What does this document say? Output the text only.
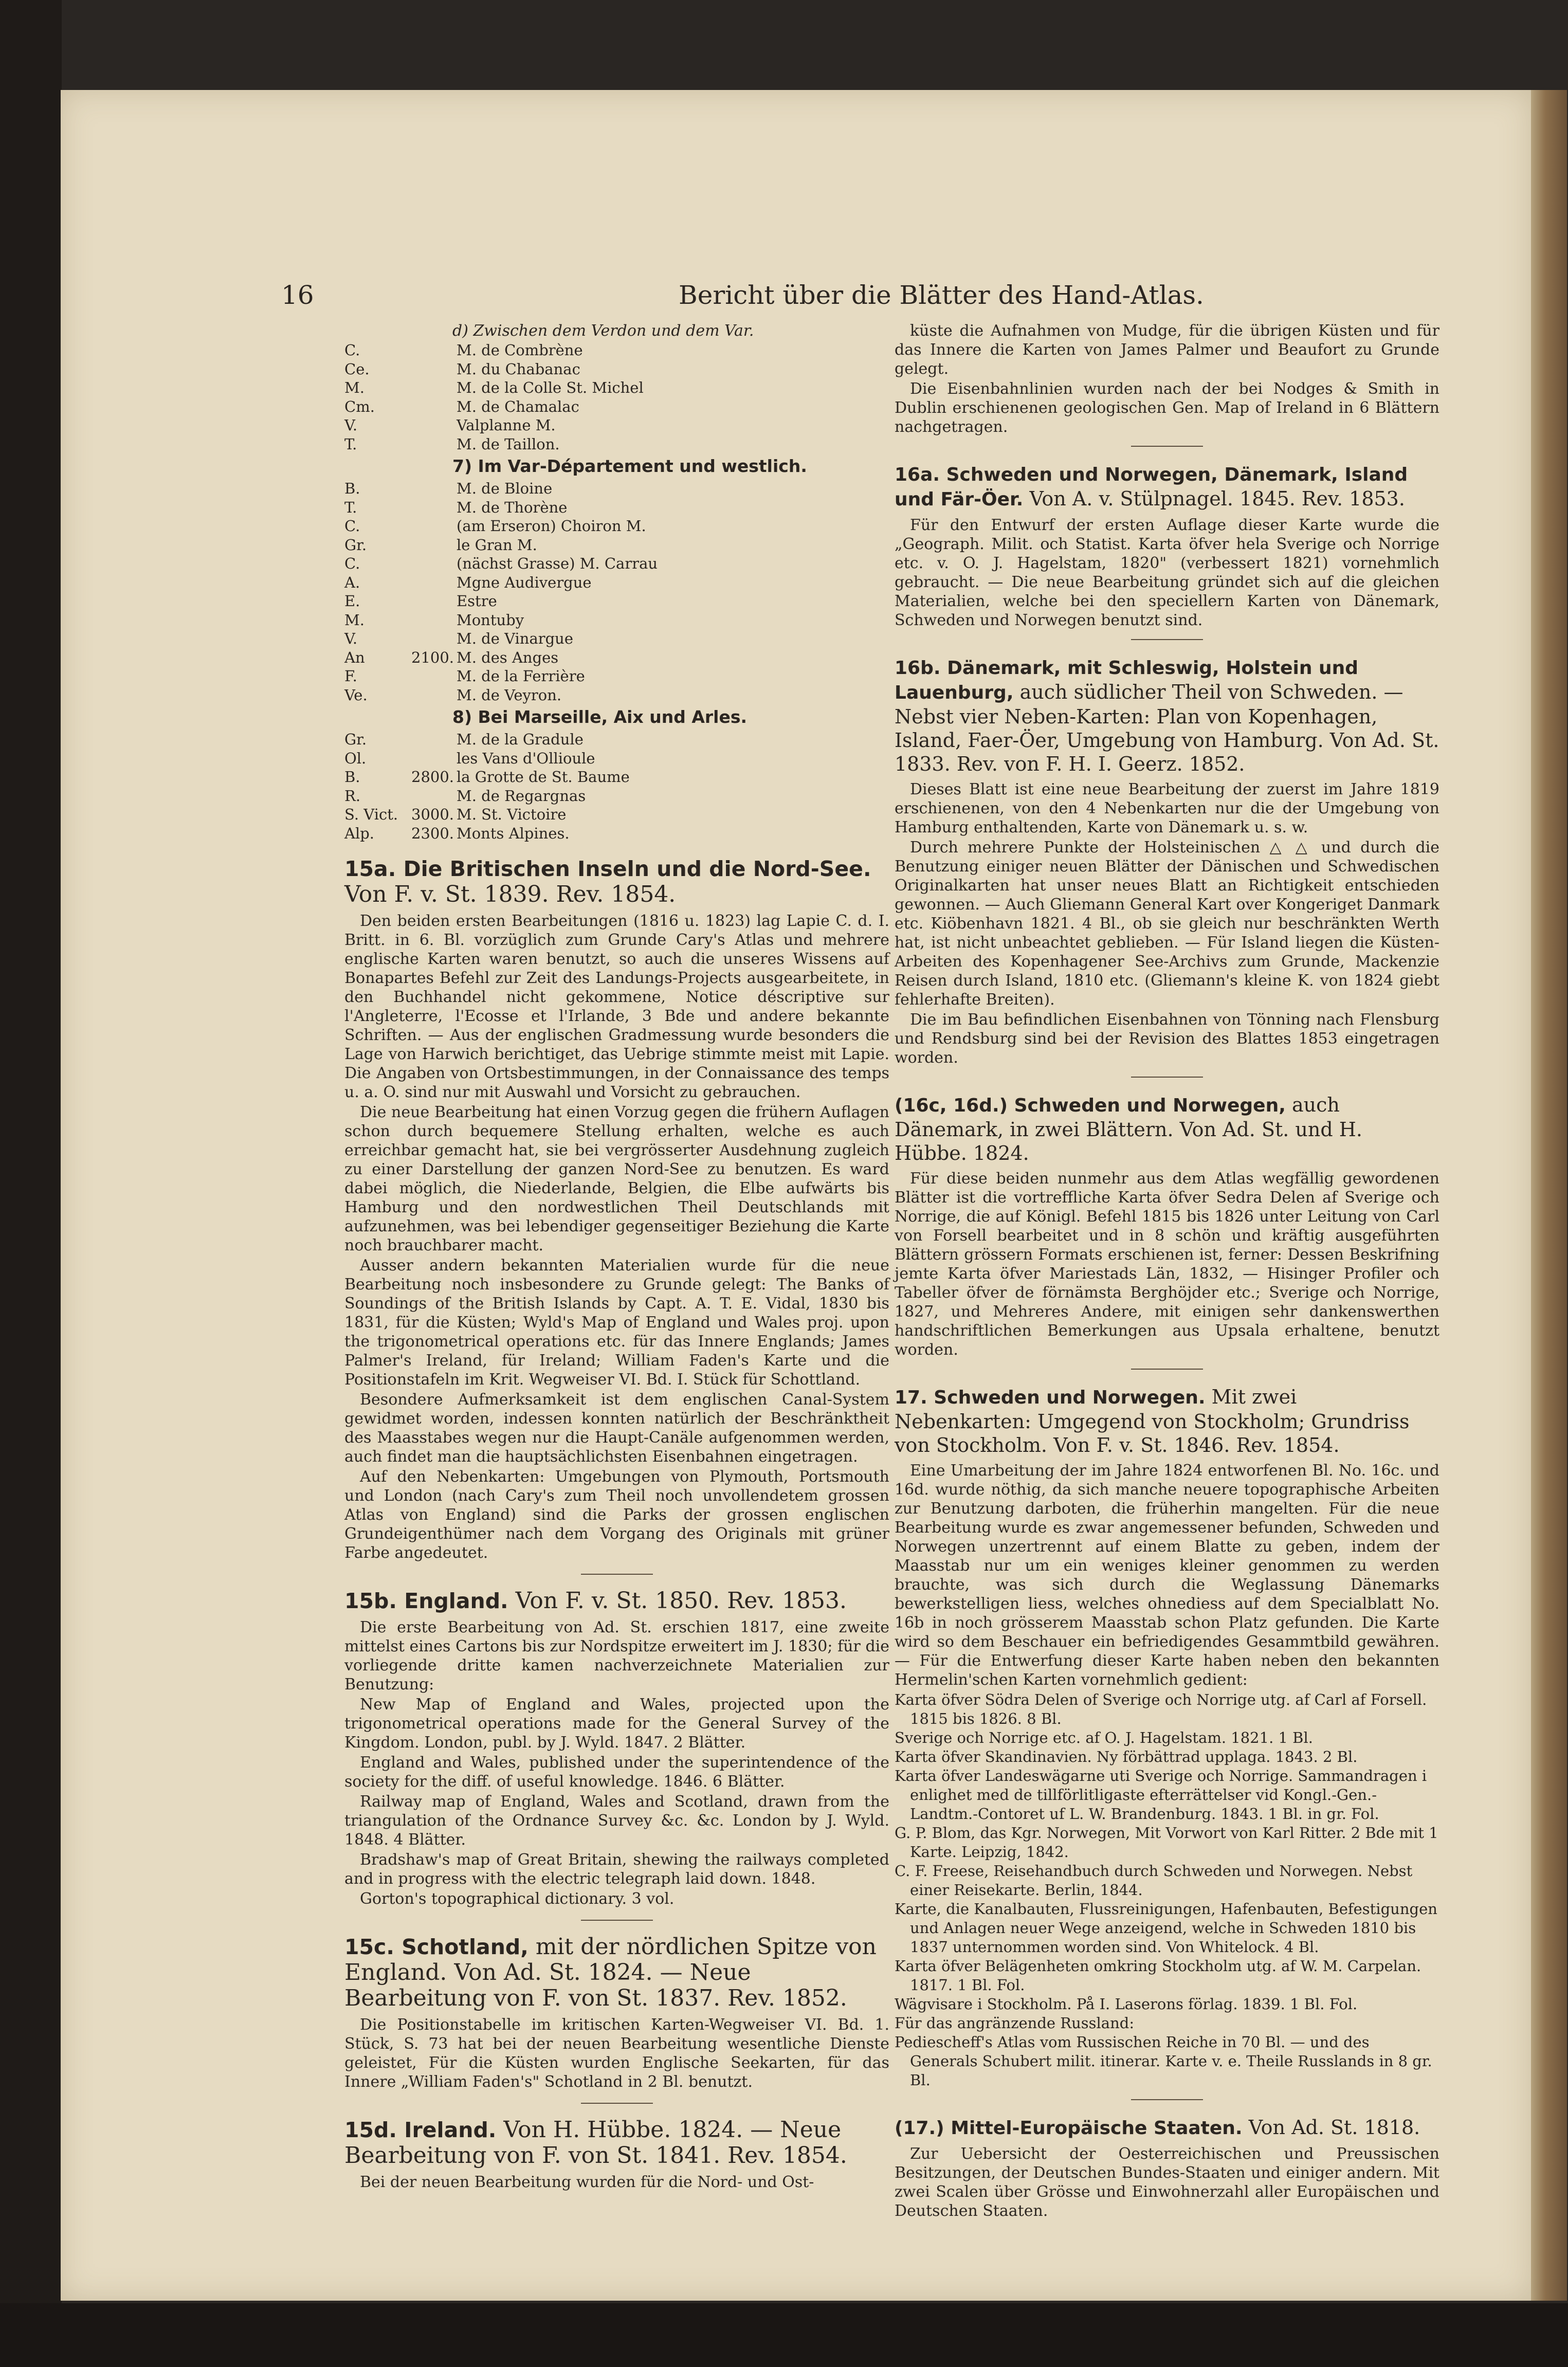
16	Bericht über die Blätter des Hand-Atlas.
d) Zwischen dem Verdon und dem Var.
C.	M. de Combrène
Ce.	M. du Chabanac
M.	M. de la Colle St. Michel
Cm.	M. de Chamalac
V.	Valplanne M.
T.	M. de Taillon.
7) Im Var-Département und westlich.
B.	M. de Bloine
T.	M. de Thorène
C.	(am Erseron) Choiron M.
Gr.	le Gran M.
C.	(nächst Grasse) M. Carrau
A.	Mgne Audivergue
E.	Estre
M.	Montuby
V.	M. de Vinargue
An	2100. M. des Anges
F.	M. de la Ferrière
Ve.	M. de Veyron.
8) Bei Marseille, Aix und Arles.
Gr.	M. de la Gradule
Ol.	les Vans d'Ollioule
B.	2800. la Grotte de St. Baume
R.	M. de Regargnas
S. Vict. 3000. M. St. Victoire
Alp.	2300. Monts Alpines.
15a. Die Britischen Inseln und die Nord-See. Von F. v. St. 1839. Rev. 1854.

Den beiden ersten Bearbeitungen (1816 u. 1823) lag Lapie C. d. I. Britt. in 6. Bl. vorzüglich zum Grunde Cary's Atlas und mehrere englische Karten waren benutzt, so auch die unseres Wissens auf Bonapartes Befehl zur Zeit des Landungs-Projects ausgearbeitete, in den Buchhandel nicht gekommene, Notice déscriptive sur l'Angleterre, l'Ecosse et l'Irlande, 3 Bde und andere bekannte Schriften. — Aus der englischen Gradmessung wurde besonders die Lage von Harwich berichtiget, das Uebrige stimmte meist mit Lapie. Die Angaben von Ortsbestimmungen, in der Connaissance des temps u. a. O. sind nur mit Auswahl und Vorsicht zu gebrauchen.

Die neue Bearbeitung hat einen Vorzug gegen die frühern Auflagen schon durch bequemere Stellung erhalten, welche es auch erreichbar gemacht hat, sie bei vergrösserter Ausdehnung zugleich zu einer Darstellung der ganzen Nord-See zu benutzen. Es ward dabei möglich, die Niederlande, Belgien, die Elbe aufwärts bis Hamburg und den nordwestlichen Theil Deutschlands mit aufzunehmen, was bei lebendiger gegenseitiger Beziehung die Karte noch brauchbarer macht.

Ausser andern bekannten Materialien wurde für die neue Bearbeitung noch insbesondere zu Grunde gelegt: The Banks of Soundings of the British Islands by Capt. A. T. E. Vidal, 1830 bis 1831, für die Küsten; Wyld's Map of England und Wales proj. upon the trigonometrical operations etc. für das Innere Englands; James Palmer's Ireland, für Ireland; William Faden's Karte und die Positionstafeln im Krit. Wegweiser VI. Bd. I. Stück für Schottland.

Besondere Aufmerksamkeit ist dem englischen Canal-System gewidmet worden, indessen konnten natürlich der Beschränktheit des Maasstabes wegen nur die Haupt-Canäle aufgenommen werden, auch findet man die hauptsächlichsten Eisenbahnen eingetragen.

Auf den Nebenkarten: Umgebungen von Plymouth, Portsmouth und London (nach Cary's zum Theil noch unvollendetem grossen Atlas von England) sind die Parks der grossen englischen Grundeigenthümer nach dem Vorgang des Originals mit grüner Farbe angedeutet.

15b. England. Von F. v. St. 1850. Rev. 1853.

Die erste Bearbeitung von Ad. St. erschien 1817, eine zweite mittelst eines Cartons bis zur Nordspitze erweitert im J. 1830; für die vorliegende dritte kamen nachverzeichnete Materialien zur Benutzung:

New Map of England and Wales, projected upon the trigonometrical operations made for the General Survey of the Kingdom. London, publ. by J. Wyld. 1847. 2 Blätter.

England and Wales, published under the superintendence of the society for the diff. of useful knowledge. 1846. 6 Blätter.

Railway map of England, Wales and Scotland, drawn from the triangulation of the Ordnance Survey &c. &c. London by J. Wyld. 1848. 4 Blätter.

Bradshaw's map of Great Britain, shewing the railways completed and in progress with the electric telegraph laid down. 1848.

Gorton's topographical dictionary. 3 vol.

15c. Schotland, mit der nördlichen Spitze von England. Von Ad. St. 1824. — Neue Bearbeitung von F. von St. 1837. Rev. 1852.

Die Positionstabelle im kritischen Karten-Wegweiser VI. Bd. 1. Stück, S. 73 hat bei der neuen Bearbeitung wesentliche Dienste geleistet, Für die Küsten wurden Englische Seekarten, für das Innere „William Faden's" Schotland in 2 Bl. benutzt.

15d. Ireland. Von H. Hübbe. 1824. — Neue Bearbeitung von F. von St. 1841. Rev. 1854.

Bei der neuen Bearbeitung wurden für die Nord- und Ost-

küste die Aufnahmen von Mudge, für die übrigen Küsten und für das Innere die Karten von James Palmer und Beaufort zu Grunde gelegt.

Die Eisenbahnlinien wurden nach der bei Nodges & Smith in Dublin erschienenen geologischen Gen. Map of Ireland in 6 Blättern nachgetragen.

16a. Schweden und Norwegen, Dänemark, Island und Fär-Öer. Von A. v. Stülpnagel. 1845. Rev. 1853.

Für den Entwurf der ersten Auflage dieser Karte wurde die „Geograph. Milit. och Statist. Karta öfver hela Sverige och Norrige etc. v. O. J. Hagelstam, 1820" (verbessert 1821) vornehmlich gebraucht. — Die neue Bearbeitung gründet sich auf die gleichen Materialien, welche bei den speciellern Karten von Dänemark, Schweden und Norwegen benutzt sind.

16b. Dänemark, mit Schleswig, Holstein und Lauenburg, auch südlicher Theil von Schweden. — Nebst vier Neben-Karten: Plan von Kopenhagen, Island, Faer-Öer, Umgebung von Hamburg. Von Ad. St. 1833. Rev. von F. H. I. Geerz. 1852.

Dieses Blatt ist eine neue Bearbeitung der zuerst im Jahre 1819 erschienenen, von den 4 Nebenkarten nur die der Umgebung von Hamburg enthaltenden, Karte von Dänemark u. s. w.

Durch mehrere Punkte der Holsteinischen △ △ und durch die Benutzung einiger neuen Blätter der Dänischen und Schwedischen Originalkarten hat unser neues Blatt an Richtigkeit entschieden gewonnen. — Auch Gliemann General Kart over Kongeriget Danmark etc. Kiöbenhavn 1821. 4 Bl., ob sie gleich nur beschränkten Werth hat, ist nicht unbeachtet geblieben. — Für Island liegen die Küsten-Arbeiten des Kopenhagener See-Archivs zum Grunde, Mackenzie Reisen durch Island, 1810 etc. (Gliemann's kleine K. von 1824 giebt fehlerhafte Breiten).

Die im Bau befindlichen Eisenbahnen von Tönning nach Flensburg und Rendsburg sind bei der Revision des Blattes 1853 eingetragen worden.

(16c, 16d.) Schweden und Norwegen, auch Dänemark, in zwei Blättern. Von Ad. St. und H. Hübbe. 1824.

Für diese beiden nunmehr aus dem Atlas wegfällig gewordenen Blätter ist die vortreffliche Karta öfver Sedra Delen af Sverige och Norrige, die auf Königl. Befehl 1815 bis 1826 unter Leitung von Carl von Forsell bearbeitet und in 8 schön und kräftig ausgeführten Blättern grössern Formats erschienen ist, ferner: Dessen Beskrifning jemte Karta öfver Mariestads Län, 1832, — Hisinger Profiler och Tabeller öfver de förnämsta Berghöjder etc.; Sverige och Norrige, 1827, und Mehreres Andere, mit einigen sehr dankenswerthen handschriftlichen Bemerkungen aus Upsala erhaltene, benutzt worden.

17. Schweden und Norwegen. Mit zwei Nebenkarten: Umgegend von Stockholm; Grundriss von Stockholm. Von F. v. St. 1846. Rev. 1854.

Eine Umarbeitung der im Jahre 1824 entworfenen Bl. No. 16c. und 16d. wurde nöthig, da sich manche neuere topographische Arbeiten zur Benutzung darboten, die früherhin mangelten. Für die neue Bearbeitung wurde es zwar angemessener befunden, Schweden und Norwegen unzertrennt auf einem Blatte zu geben, indem der Maasstab nur um ein weniges kleiner genommen zu werden brauchte, was sich durch die Weglassung Dänemarks bewerkstelligen liess, welches ohnediess auf dem Specialblatt No. 16b in noch grösserem Maasstab schon Platz gefunden. Die Karte wird so dem Beschauer ein befriedigendes Gesammtbild gewähren. — Für die Entwerfung dieser Karte haben neben den bekannten Hermelin'schen Karten vornehmlich gedient:

Karta öfver Södra Delen of Sverige och Norrige utg. af Carl af Forsell. 1815 bis 1826. 8 Bl.
Sverige och Norrige etc. af O. J. Hagelstam. 1821. 1 Bl.
Karta öfver Skandinavien. Ny förbättrad upplaga. 1843. 2 Bl.
Karta öfver Landeswägarne uti Sverige och Norrige. Sammandragen i enlighet med de tillförlitligaste efterrättelser vid Kongl.-Gen.-Landtm.-Contoret uf L. W. Brandenburg. 1843. 1 Bl. in gr. Fol.
G. P. Blom, das Kgr. Norwegen, Mit Vorwort von Karl Ritter. 2 Bde mit 1 Karte. Leipzig, 1842.
C. F. Freese, Reisehandbuch durch Schweden und Norwegen. Nebst einer Reisekarte. Berlin, 1844.
Karte, die Kanalbauten, Flussreinigungen, Hafenbauten, Befestigungen und Anlagen neuer Wege anzeigend, welche in Schweden 1810 bis 1837 unternommen worden sind. Von Whitelock. 4 Bl.
Karta öfver Belägenheten omkring Stockholm utg. af W. M. Carpelan. 1817. 1 Bl. Fol.
Wägvisare i Stockholm. På I. Laserons förlag. 1839. 1 Bl. Fol.
Für das angränzende Russland:
Pediescheff's Atlas vom Russischen Reiche in 70 Bl. — und des Generals Schubert milit. itinerar. Karte v. e. Theile Russlands in 8 gr. Bl.
(17.) Mittel-Europäische Staaten. Von Ad. St. 1818.

Zur Uebersicht der Oesterreichischen und Preussischen Besitzungen, der Deutschen Bundes-Staaten und einiger andern. Mit zwei Scalen über Grösse und Einwohnerzahl aller Europäischen und Deutschen Staaten.
